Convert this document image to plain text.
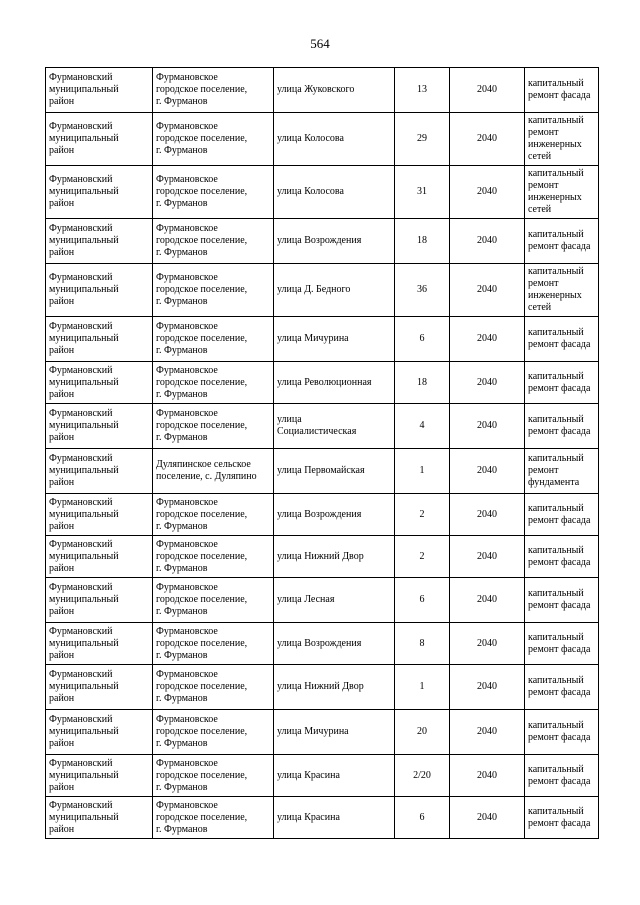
564
Фурмановский
муниципальный
район	Фурмановское
городское поселение,
г. Фурманов	улица Жуковского	13	2040	капитальный
ремонт фасада

Фурмановский
муниципальный
район	Фурмановское
городское поселение,
г. Фурманов	улица Колосова	29	2040	капитальный
ремонт
инженерных
сетей

Фурмановский
муниципальный
район	Фурмановское
городское поселение,
г. Фурманов	улица Колосова	31	2040	капитальный
ремонт
инженерных
сетей

Фурмановский
муниципальный
район	Фурмановское
городское поселение,
г. Фурманов	улица Возрождения	18	2040	капитальный
ремонт фасада

Фурмановский
муниципальный
район	Фурмановское
городское поселение,
г. Фурманов	улица Д. Бедного	36	2040	капитальный
ремонт
инженерных
сетей

Фурмановский
муниципальный
район	Фурмановское
городское поселение,
г. Фурманов	улица Мичурина	6	2040	капитальный
ремонт фасада

Фурмановский
муниципальный
район	Фурмановское
городское поселение,
г. Фурманов	улица Революционная	18	2040	капитальный
ремонт фасада

Фурмановский
муниципальный
район	Фурмановское
городское поселение,
г. Фурманов	улица
Социалистическая	4	2040	капитальный
ремонт фасада

Фурмановский
муниципальный
район	Дуляпинское сельское
поселение, с. Дуляпино	улица Первомайская	1	2040	капитальный
ремонт
фундамента

Фурмановский
муниципальный
район	Фурмановское
городское поселение,
г. Фурманов	улица Возрождения	2	2040	капитальный
ремонт фасада

Фурмановский
муниципальный
район	Фурмановское
городское поселение,
г. Фурманов	улица Нижний Двор	2	2040	капитальный
ремонт фасада

Фурмановский
муниципальный
район	Фурмановское
городское поселение,
г. Фурманов	улица Лесная	6	2040	капитальный
ремонт фасада

Фурмановский
муниципальный
район	Фурмановское
городское поселение,
г. Фурманов	улица Возрождения	8	2040	капитальный
ремонт фасада

Фурмановский
муниципальный
район	Фурмановское
городское поселение,
г. Фурманов	улица Нижний Двор	1	2040	капитальный
ремонт фасада

Фурмановский
муниципальный
район	Фурмановское
городское поселение,
г. Фурманов	улица Мичурина	20	2040	капитальный
ремонт фасада

Фурмановский
муниципальный
район	Фурмановское
городское поселение,
г. Фурманов	улица Красина	2/20	2040	капитальный
ремонт фасада

Фурмановский
муниципальный
район	Фурмановское
городское поселение,
г. Фурманов	улица Красина	6	2040	капитальный
ремонт фасада
